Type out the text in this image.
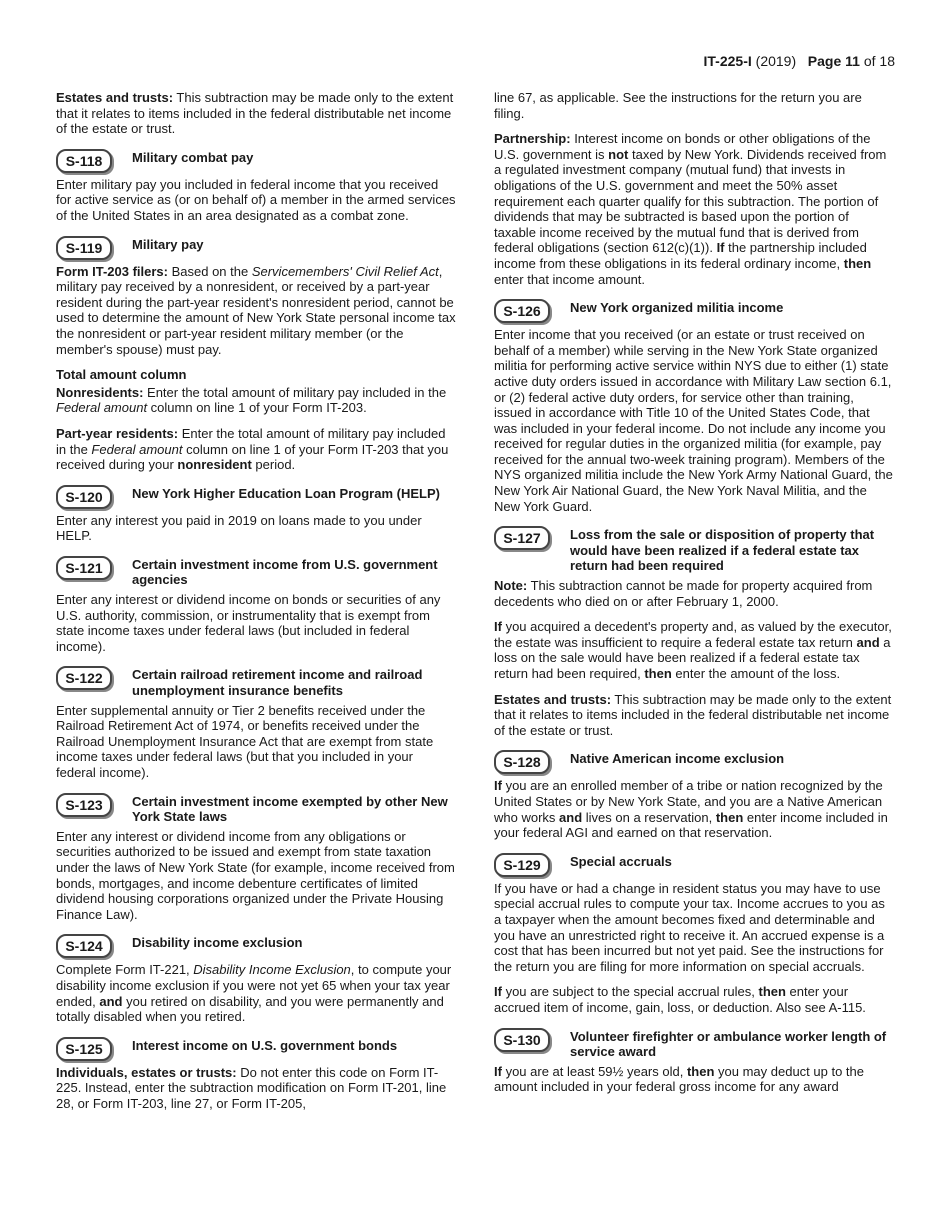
IT-225-I (2019) Page 11 of 18

Estates and trusts: This subtraction may be made only to the extent that it relates to items included in the federal distributable net income of the estate or trust.

S-118	Military combat pay

Enter military pay you included in federal income that you received for active service as (or on behalf of) a member in the armed services of the United States in an area designated as a combat zone.

S-119	Military pay

Form IT-203 filers: Based on the Servicemembers' Civil Relief Act, military pay received by a nonresident, or received by a part-year resident during the part-year resident's nonresident period, cannot be used to determine the amount of New York State personal income tax the nonresident or part-year resident military member (or the member's spouse) must pay.

Total amount column

Nonresidents: Enter the total amount of military pay included in the Federal amount column on line 1 of your Form IT-203.

Part-year residents: Enter the total amount of military pay included in the Federal amount column on line 1 of your Form IT-203 that you received during your nonresident period.

S-120	New York Higher Education Loan Program (HELP)

Enter any interest you paid in 2019 on loans made to you under HELP.

S-121	Certain investment income from U.S. government agencies

Enter any interest or dividend income on bonds or securities of any U.S. authority, commission, or instrumentality that is exempt from state income taxes under federal laws (but included in federal income).

S-122	Certain railroad retirement income and railroad unemployment insurance benefits

Enter supplemental annuity or Tier 2 benefits received under the Railroad Retirement Act of 1974, or benefits received under the Railroad Unemployment Insurance Act that are exempt from state income taxes under federal laws (but that you included in your federal income).

S-123	Certain investment income exempted by other New York State laws

Enter any interest or dividend income from any obligations or securities authorized to be issued and exempt from state taxation under the laws of New York State (for example, income received from bonds, mortgages, and income debenture certificates of limited dividend housing corporations organized under the Private Housing Finance Law).

S-124	Disability income exclusion

Complete Form IT-221, Disability Income Exclusion, to compute your disability income exclusion if you were not yet 65 when your tax year ended, and you retired on disability, and you were permanently and totally disabled when you retired.

S-125	Interest income on U.S. government bonds

Individuals, estates or trusts: Do not enter this code on Form IT-225. Instead, enter the subtraction modification on Form IT-201, line 28, or Form IT-203, line 27, or Form IT-205,

line 67, as applicable. See the instructions for the return you are filing.

Partnership: Interest income on bonds or other obligations of the U.S. government is not taxed by New York. Dividends received from a regulated investment company (mutual fund) that invests in obligations of the U.S. government and meet the 50% asset requirement each quarter qualify for this subtraction. The portion of dividends that may be subtracted is based upon the portion of taxable income received by the mutual fund that is derived from federal obligations (section 612(c)(1)). If the partnership included income from these obligations in its federal ordinary income, then enter that income amount.

S-126	New York organized militia income

Enter income that you received (or an estate or trust received on behalf of a member) while serving in the New York State organized militia for performing active service within NYS due to either (1) state active duty orders issued in accordance with Military Law section 6.1, or (2) federal active duty orders, for service other than training, issued in accordance with Title 10 of the United States Code, that was included in your federal income. Do not include any income you received for regular duties in the organized militia (for example, pay received for the annual two-week training program). Members of the NYS organized militia include the New York Army National Guard, the New York Air National Guard, the New York Naval Militia, and the New York Guard.

S-127	Loss from the sale or disposition of property that would have been realized if a federal estate tax return had been required

Note: This subtraction cannot be made for property acquired from decedents who died on or after February 1, 2000.

If you acquired a decedent's property and, as valued by the executor, the estate was insufficient to require a federal estate tax return and a loss on the sale would have been realized if a federal estate tax return had been required, then enter the amount of the loss.

Estates and trusts: This subtraction may be made only to the extent that it relates to items included in the federal distributable net income of the estate or trust.

S-128	Native American income exclusion

If you are an enrolled member of a tribe or nation recognized by the United States or by New York State, and you are a Native American who works and lives on a reservation, then enter income included in your federal AGI and earned on that reservation.

S-129	Special accruals

If you have or had a change in resident status you may have to use special accrual rules to compute your tax. Income accrues to you as a taxpayer when the amount becomes fixed and determinable and you have an unrestricted right to receive it. An accrued expense is a cost that has been incurred but not yet paid. See the instructions for the return you are filing for more information on special accruals.

If you are subject to the special accrual rules, then enter your accrued item of income, gain, loss, or deduction. Also see A-115.

S-130	Volunteer firefighter or ambulance worker length of service award

If you are at least 59½ years old, then you may deduct up to the amount included in your federal gross income for any award
